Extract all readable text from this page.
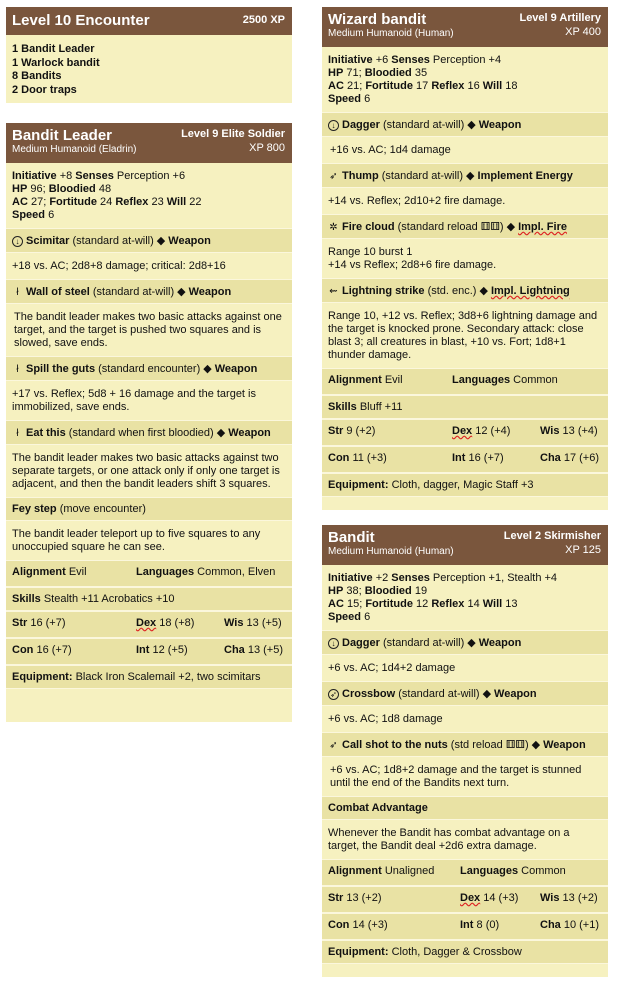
Level 10 Encounter	2500 XP
1 Bandit Leader
1 Warlock bandit
8 Bandits
2 Door traps
Bandit Leader
Medium Humanoid (Eladrin)
Level 9 Elite Soldier
XP 800
Initiative +8 Senses Perception +6
HP 96; Bloodied 48
AC 27; Fortitude 24 Reflex 23 Will 22
Speed 6
↓ Scimitar (standard at-will) ◆ Weapon
+18 vs. AC; 2d8+8 damage; critical: 2d8+16
ł Wall of steel (standard at-will) ◆ Weapon
The bandit leader makes two basic attacks against one target, and the target is pushed two squares and is slowed, save ends.
ł Spill the guts (standard encounter) ◆ Weapon
+17 vs. Reflex; 5d8 + 16 damage and the target is immobilized, save ends.
ł Eat this (standard when first bloodied) ◆ Weapon
The bandit leader makes two basic attacks against two separate targets, or one attack only if only one target is adjacent, and then the bandit leaders shift 3 squares.
Fey step (move encounter)
The bandit leader teleport up to five squares to any unoccupied square he can see.
Alignment Evil	Languages Common, Elven
Skills Stealth +11 Acrobatics +10
Str 16 (+7)	Dex 18 (+8)	Wis 13 (+5)
Con 16 (+7)	Int 12 (+5)	Cha 13 (+5)
Equipment: Black Iron Scalemail +2, two scimitars
Wizard bandit
Medium Humanoid (Human)
Level 9 Artillery
XP 400
Initiative +6 Senses Perception +4
HP 71; Bloodied 35
AC 21; Fortitude 17 Reflex 16 Will 18
Speed 6
↓ Dagger (standard at-will) ◆ Weapon
+16 vs. AC; 1d4 damage
➶ Thump (standard at-will) ◆ Implement Energy
+14 vs. Reflex; 2d10+2 fire damage.
✲ Fire cloud (standard reload ⚅⚅) ◆ Impl. Fire
Range 10 burst 1
+14 vs Reflex; 2d8+6 fire damage.
⇜ Lightning strike (std. enc.) ◆ Impl. Lightning
Range 10, +12 vs. Reflex; 3d8+6 lightning damage and the target is knocked prone. Secondary attack: close blast 3; all creatures in blast, +10 vs. Fort; 1d8+1 thunder damage.
Alignment Evil	Languages Common
Skills Bluff +11
Str 9 (+2)	Dex 12 (+4)	Wis 13 (+4)
Con 11 (+3)	Int 16 (+7)	Cha 17 (+6)
Equipment: Cloth, dagger, Magic Staff +3
Bandit
Medium Humanoid (Human)
Level 2 Skirmisher
XP 125
Initiative +2 Senses Perception +1, Stealth +4
HP 38; Bloodied 19
AC 15; Fortitude 12 Reflex 14 Will 13
Speed 6
↓ Dagger (standard at-will) ◆ Weapon
+6 vs. AC; 1d4+2 damage
➶ Crossbow (standard at-will) ◆ Weapon
+6 vs. AC; 1d8 damage
➶ Call shot to the nuts (std reload ⚅⚅) ◆ Weapon
+6 vs. AC; 1d8+2 damage and the target is stunned until the end of the Bandits next turn.
Combat Advantage
Whenever the Bandit has combat advantage on a target, the Bandit deal +2d6 extra damage.
Alignment Unaligned Languages Common
Str 13 (+2)	Dex 14 (+3) Wis 13 (+2)
Con 14 (+3)	Int 8 (0)	Cha 10 (+1)
Equipment: Cloth, Dagger & Crossbow
